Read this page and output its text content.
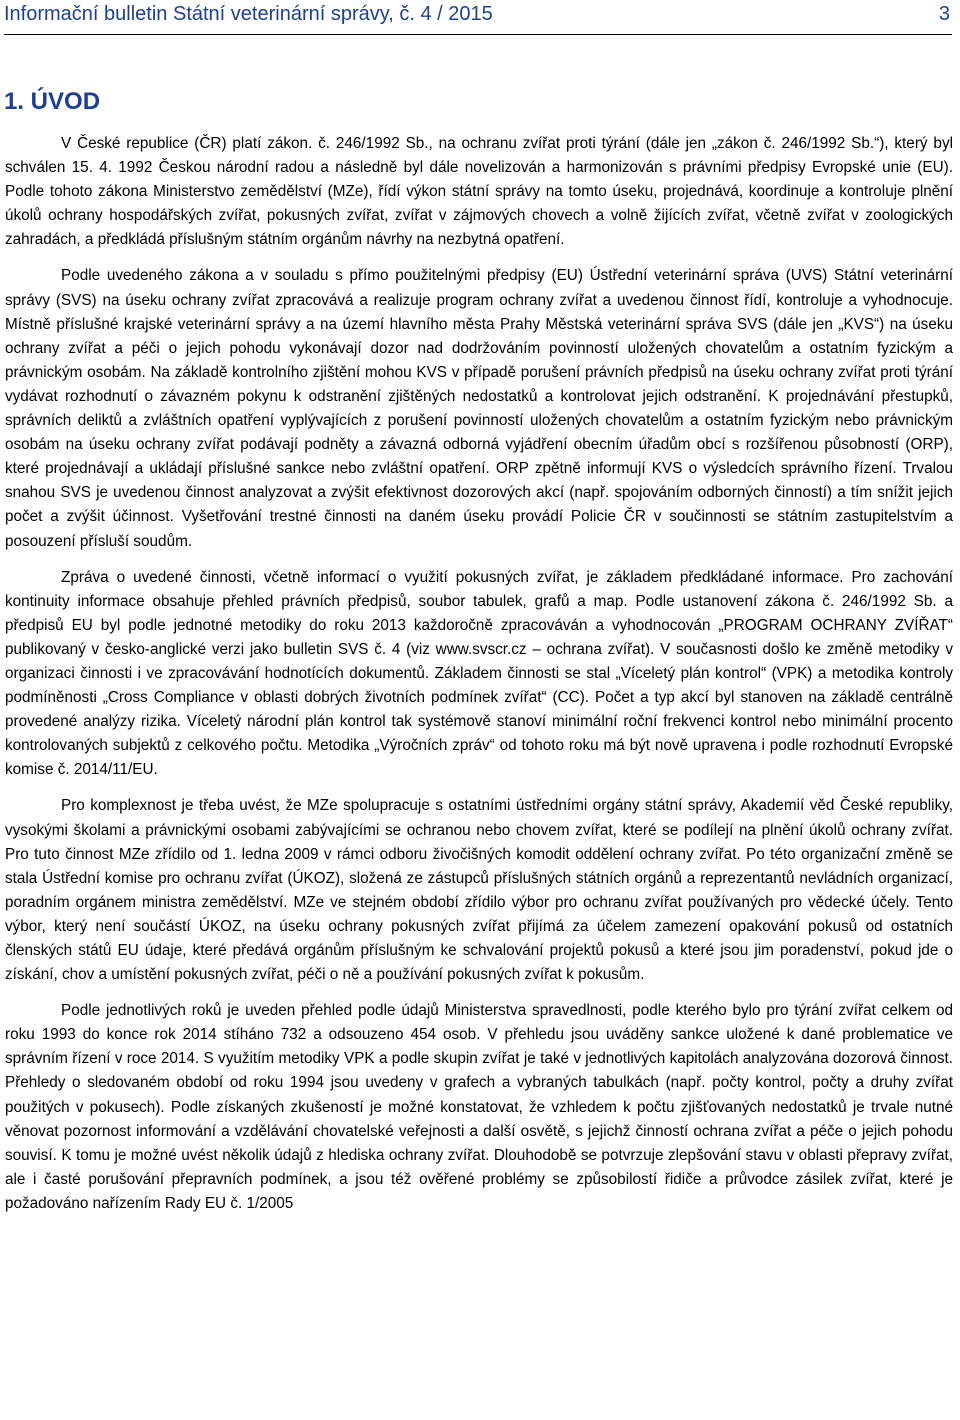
Informační bulletin Státní veterinární správy, č. 4 / 2015	3
1. ÚVOD

V České republice (ČR) platí zákon. č. 246/1992 Sb., na ochranu zvířat proti týrání (dále jen „zákon č. 246/1992 Sb.“), který byl schválen 15. 4. 1992 Českou národní radou a následně byl dále novelizován a harmonizován s právními předpisy Evropské unie (EU). Podle tohoto zákona Ministerstvo zemědělství (MZe), řídí výkon státní správy na tomto úseku, projednává, koordinuje a kontroluje plnění úkolů ochrany hospodářských zvířat, pokusných zvířat, zvířat v zájmových chovech a volně žijících zvířat, včetně zvířat v zoologických zahradách, a předkládá příslušným státním orgánům návrhy na nezbytná opatření.

Podle uvedeného zákona a v souladu s přímo použitelnými předpisy (EU) Ústřední veterinární správa (UVS) Státní veterinární správy (SVS) na úseku ochrany zvířat zpracovává a realizuje program ochrany zvířat a uvedenou činnost řídí, kontroluje a vyhodnocuje. Místně příslušné krajské veterinární správy a na území hlavního města Prahy Městská veterinární správa SVS (dále jen „KVS“) na úseku ochrany zvířat a péči o jejich pohodu vykonávají dozor nad dodržováním povinností uložených chovatelům a ostatním fyzickým a právnickým osobám. Na základě kontrolního zjištění mohou KVS v případě porušení právních předpisů na úseku ochrany zvířat proti týrání vydávat rozhodnutí o závazném pokynu k odstranění zjištěných nedostatků a kontrolovat jejich odstranění. K projednávání přestupků, správních deliktů a zvláštních opatření vyplývajících z porušení povinností uložených chovatelům a ostatním fyzickým nebo právnickým osobám na úseku ochrany zvířat podávají podněty a závazná odborná vyjádření obecním úřadům obcí s rozšířenou působností (ORP), které projednávají a ukládají příslušné sankce nebo zvláštní opatření. ORP zpětně informují KVS o výsledcích správního řízení. Trvalou snahou SVS je uvedenou činnost analyzovat a zvýšit efektivnost dozorových akcí (např. spojováním odborných činností) a tím snížit jejich počet a zvýšit účinnost. Vyšetřování trestné činnosti na daném úseku provádí Policie ČR v součinnosti se státním zastupitelstvím a posouzení přísluší soudům.

Zpráva o uvedené činnosti, včetně informací o využití pokusných zvířat, je základem předkládané informace. Pro zachování kontinuity informace obsahuje přehled právních předpisů, soubor tabulek, grafů a map. Podle ustanovení zákona č. 246/1992 Sb. a předpisů EU byl podle jednotné metodiky do roku 2013 každoročně zpracováván a vyhodnocován „PROGRAM OCHRANY ZVÍŘAT“ publikovaný v česko-anglické verzi jako bulletin SVS č. 4 (viz www.svscr.cz – ochrana zvířat). V současnosti došlo ke změně metodiky v organizaci činnosti i ve zpracovávání hodnotících dokumentů. Základem činnosti se stal „Víceletý plán kontrol“ (VPK) a metodika kontroly podmíněnosti „Cross Compliance v oblasti dobrých životních podmínek zvířat“ (CC). Počet a typ akcí byl stanoven na základě centrálně provedené analýzy rizika. Víceletý národní plán kontrol tak systémově stanoví minimální roční frekvenci kontrol nebo minimální procento kontrolovaných subjektů z celkového počtu. Metodika „Výročních zpráv“ od tohoto roku má být nově upravena i podle rozhodnutí Evropské komise č. 2014/11/EU.

Pro komplexnost je třeba uvést, že MZe spolupracuje s ostatními ústředními orgány státní správy, Akademií věd České republiky, vysokými školami a právnickými osobami zabývajícími se ochranou nebo chovem zvířat, které se podílejí na plnění úkolů ochrany zvířat. Pro tuto činnost MZe zřídilo od 1. ledna 2009 v rámci odboru živočišných komodit oddělení ochrany zvířat. Po této organizační změně se stala Ústřední komise pro ochranu zvířat (ÚKOZ), složená ze zástupců příslušných státních orgánů a reprezentantů nevládních organizací, poradním orgánem ministra zemědělství. MZe ve stejném období zřídilo výbor pro ochranu zvířat používaných pro vědecké účely. Tento výbor, který není součástí ÚKOZ, na úseku ochrany pokusných zvířat přijímá za účelem zamezení opakování pokusů od ostatních členských států EU údaje, které předává orgánům příslušným ke schvalování projektů pokusů a které jsou jim poradenství, pokud jde o získání, chov a umístění pokusných zvířat, péči o ně a používání pokusných zvířat k pokusům.

Podle jednotlivých roků je uveden přehled podle údajů Ministerstva spravedlnosti, podle kterého bylo pro týrání zvířat celkem od roku 1993 do konce rok 2014 stíháno 732 a odsouzeno 454 osob. V přehledu jsou uváděny sankce uložené k dané problematice ve správním řízení v roce 2014. S využitím metodiky VPK a podle skupin zvířat je také v jednotlivých kapitolách analyzována dozorová činnost. Přehledy o sledovaném období od roku 1994 jsou uvedeny v grafech a vybraných tabulkách (např. počty kontrol, počty a druhy zvířat použitých v pokusech). Podle získaných zkušeností je možné konstatovat, že vzhledem k počtu zjišťovaných nedostatků je trvale nutné věnovat pozornost informování a vzdělávání chovatelské veřejnosti a další osvětě, s jejichž činností ochrana zvířat a péče o jejich pohodu souvisí. K tomu je možné uvést několik údajů z hlediska ochrany zvířat. Dlouhodobě se potvrzuje zlepšování stavu v oblasti přepravy zvířat, ale i časté porušování přepravních podmínek, a jsou též ověřené problémy se způsobilostí řidiče a průvodce zásilek zvířat, které je požadováno nařízením Rady EU č. 1/2005
